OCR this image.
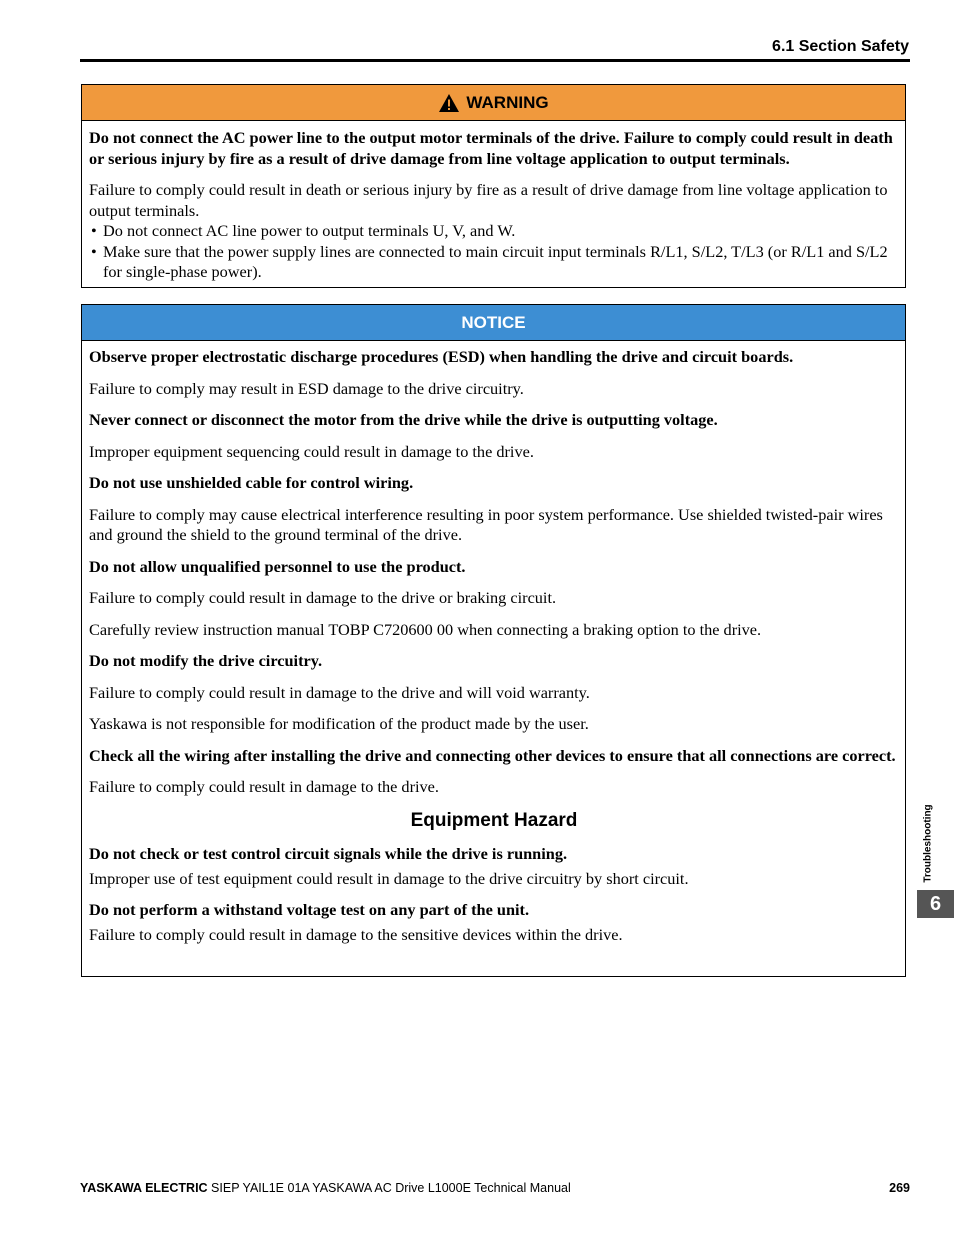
6.1 Section Safety
WARNING

Do not connect the AC power line to the output motor terminals of the drive. Failure to comply could result in death or serious injury by fire as a result of drive damage from line voltage application to output terminals.

Failure to comply could result in death or serious injury by fire as a result of drive damage from line voltage application to output terminals.

• Do not connect AC line power to output terminals U, V, and W.
• Make sure that the power supply lines are connected to main circuit input terminals R/L1, S/L2, T/L3 (or R/L1 and S/L2 for single-phase power).
NOTICE

Observe proper electrostatic discharge procedures (ESD) when handling the drive and circuit boards.

Failure to comply may result in ESD damage to the drive circuitry.

Never connect or disconnect the motor from the drive while the drive is outputting voltage.

Improper equipment sequencing could result in damage to the drive.

Do not use unshielded cable for control wiring.

Failure to comply may cause electrical interference resulting in poor system performance. Use shielded twisted-pair wires and ground the shield to the ground terminal of the drive.

Do not allow unqualified personnel to use the product.

Failure to comply could result in damage to the drive or braking circuit.

Carefully review instruction manual TOBP C720600 00 when connecting a braking option to the drive.

Do not modify the drive circuitry.

Failure to comply could result in damage to the drive and will void warranty.

Yaskawa is not responsible for modification of the product made by the user.

Check all the wiring after installing the drive and connecting other devices to ensure that all connections are correct.

Failure to comply could result in damage to the drive.

Equipment Hazard

Do not check or test control circuit signals while the drive is running.

Improper use of test equipment could result in damage to the drive circuitry by short circuit.

Do not perform a withstand voltage test on any part of the unit.

Failure to comply could result in damage to the sensitive devices within the drive.

Troubleshooting
6
YASKAWA ELECTRIC SIEP YAIL1E 01A YASKAWA AC Drive L1000E Technical Manual	269
